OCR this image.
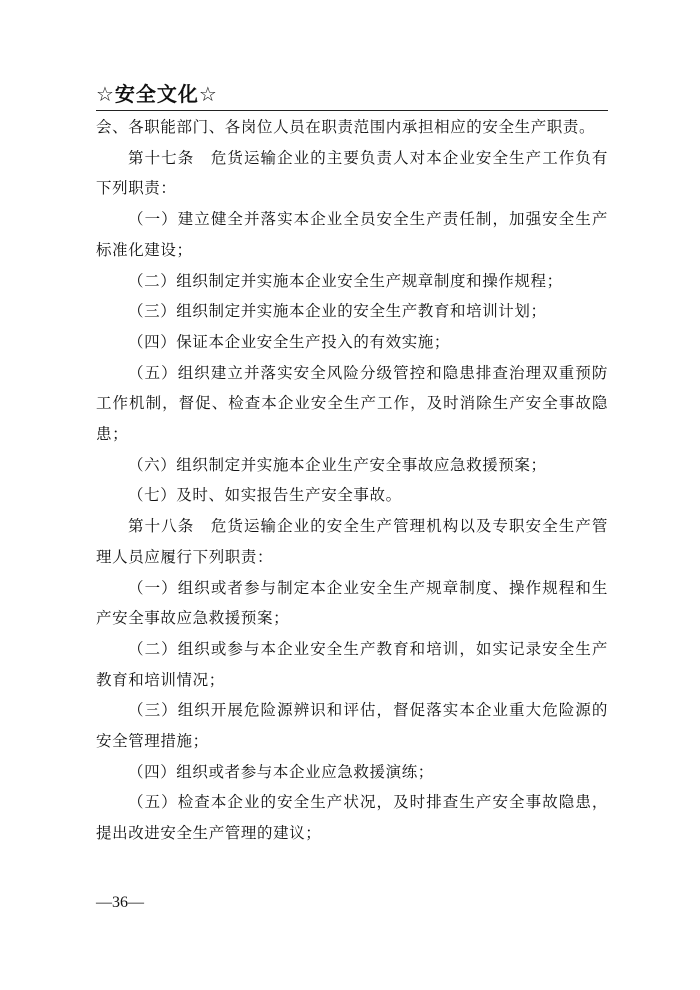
☆安全文化☆

会、各职能部门、各岗位人员在职责范围内承担相应的安全生产职责。

第十七条　危货运输企业的主要负责人对本企业安全生产工作负有下列职责：

（一）建立健全并落实本企业全员安全生产责任制，加强安全生产标准化建设；

（二）组织制定并实施本企业安全生产规章制度和操作规程；

（三）组织制定并实施本企业的安全生产教育和培训计划；

（四）保证本企业安全生产投入的有效实施；

（五）组织建立并落实安全风险分级管控和隐患排查治理双重预防工作机制，督促、检查本企业安全生产工作，及时消除生产安全事故隐患；

（六）组织制定并实施本企业生产安全事故应急救援预案；

（七）及时、如实报告生产安全事故。

第十八条　危货运输企业的安全生产管理机构以及专职安全生产管理人员应履行下列职责：

（一）组织或者参与制定本企业安全生产规章制度、操作规程和生产安全事故应急救援预案；

（二）组织或参与本企业安全生产教育和培训，如实记录安全生产教育和培训情况；

（三）组织开展危险源辨识和评估，督促落实本企业重大危险源的安全管理措施；

（四）组织或者参与本企业应急救援演练；

（五）检查本企业的安全生产状况，及时排查生产安全事故隐患，提出改进安全生产管理的建议；

—36—
